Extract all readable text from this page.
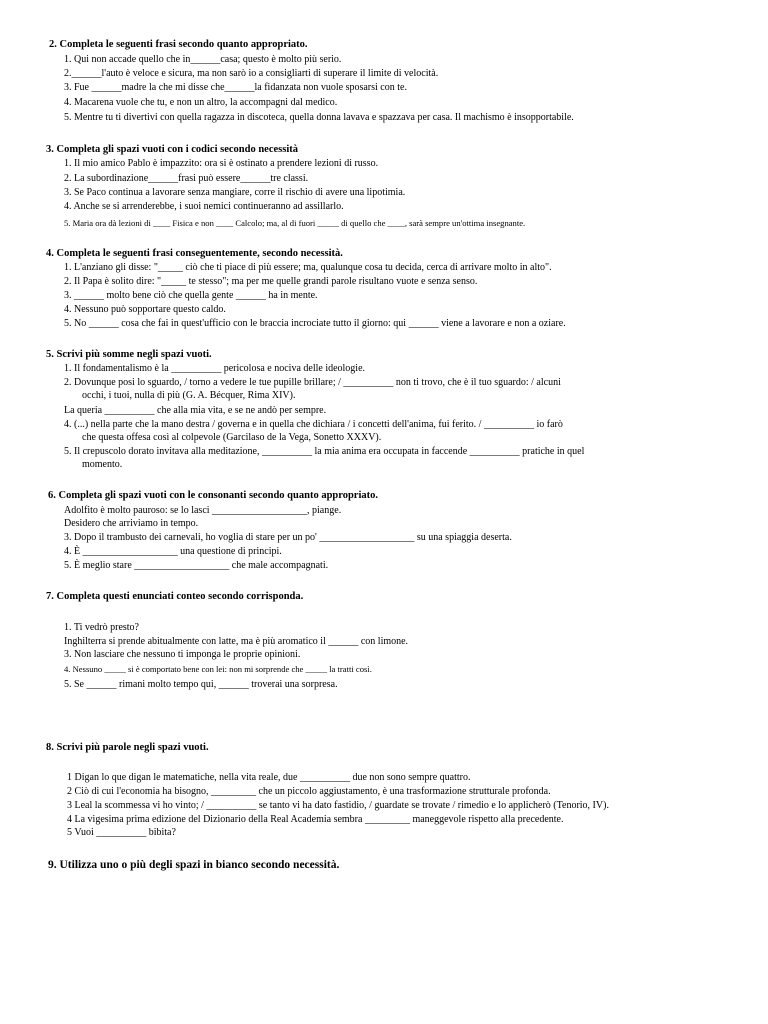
2. Completa le seguenti frasi secondo quanto appropriato.
1. Qui non accade quello che in______casa; questo è molto più serio.
2.______l'auto è veloce e sicura, ma non sarò io a consigliarti di superare il limite di velocità.
3. Fue ______madre la che mi disse che______la fidanzata non vuole sposarsi con te.
4. Macarena vuole che tu, e non un altro, la accompagni dal medico.
5. Mentre tu ti divertivi con quella ragazza in discoteca, quella donna lavava e spazzava per casa. Il machismo è insopportabile.
3. Completa gli spazi vuoti con i codici secondo necessità
1. Il mio amico Pablo è impazzito: ora si è ostinato a prendere lezioni di russo.
2. La subordinazione______frasi può essere______tre classi.
3. Se Paco continua a lavorare senza mangiare, corre il rischio di avere una lipotimia.
4. Anche se si arrenderebbe, i suoi nemici continueranno ad assillarlo.
5. Maria ora dà lezioni di ____ Fisica e non ____ Calcolo; ma, al di fuori _____ di quello che ____, sarà sempre un'ottima insegnante.
4. Completa le seguenti frasi conseguentemente, secondo necessità.
1. L'anziano gli disse: "_____ ciò che ti piace di più essere; ma, qualunque cosa tu decida, cerca di arrivare molto in alto".
2. Il Papa è solito dire: "_____ te stesso"; ma per me quelle grandi parole risultano vuote e senza senso.
3. ______ molto bene ciò che quella gente ______ ha in mente.
4. Nessuno può sopportare questo caldo.
5. No ______ cosa che fai in quest'ufficio con le braccia incrociate tutto il giorno: qui ______ viene a lavorare e non a oziare.
5. Scrivi più somme negli spazi vuoti.
1. Il fondamentalismo è la __________ pericolosa e nociva delle ideologie.
2. Dovunque posi lo sguardo, / torno a vedere le tue pupille brillare; / __________ non ti trovo, che è il tuo sguardo: / alcuni
occhi, i tuoi, nulla di più (G. A. Bécquer, Rima XIV).
La queria __________ che alla mia vita, e se ne andò per sempre.
4. (...) nella parte che la mano destra / governa e in quella che dichiara / i concetti dell'anima, fui ferito. / __________ io farò
che questa offesa così al colpevole (Garcilaso de la Vega, Sonetto XXXV).
5. Il crepuscolo dorato invitava alla meditazione, __________ la mia anima era occupata in faccende __________ pratiche in quel
momento.
6. Completa gli spazi vuoti con le consonanti secondo quanto appropriato.
Adolfito è molto pauroso: se lo lasci ___________________, piange.
Desidero che arriviamo in tempo.
3. Dopo il trambusto dei carnevali, ho voglia di stare per un po' ___________________ su una spiaggia deserta.
4. È ___________________ una questione di principi.
5. È meglio stare ___________________ che male accompagnati.
7. Completa questi enunciati conteo secondo corrisponda.
1. Ti vedrò presto?
Inghilterra si prende abitualmente con latte, ma è più aromatico il ______ con limone.
3. Non lasciare che nessuno ti imponga le proprie opinioni.
4. Nessuno _____ si è comportato bene con lei: non mi sorprende che _____ la tratti così.
5. Se ______ rimani molto tempo qui, ______ troverai una sorpresa.
8. Scrivi più parole negli spazi vuoti.
1 Digan lo que digan le matematiche, nella vita reale, due __________ due non sono sempre quattro.
2 Ciò di cui l'economia ha bisogno, _________ che un piccolo aggiustamento, è una trasformazione strutturale profonda.
3 Leal la scommessa vi ho vinto; / __________ se tanto vi ha dato fastidio, / guardate se trovate / rimedio e lo applicherò (Tenorio, IV).
4 La vigesima prima edizione del Dizionario della Real Academia sembra _________ maneggevole rispetto alla precedente.
5 Vuoi __________ bibita?
9. Utilizza uno o più degli spazi in bianco secondo necessità.
